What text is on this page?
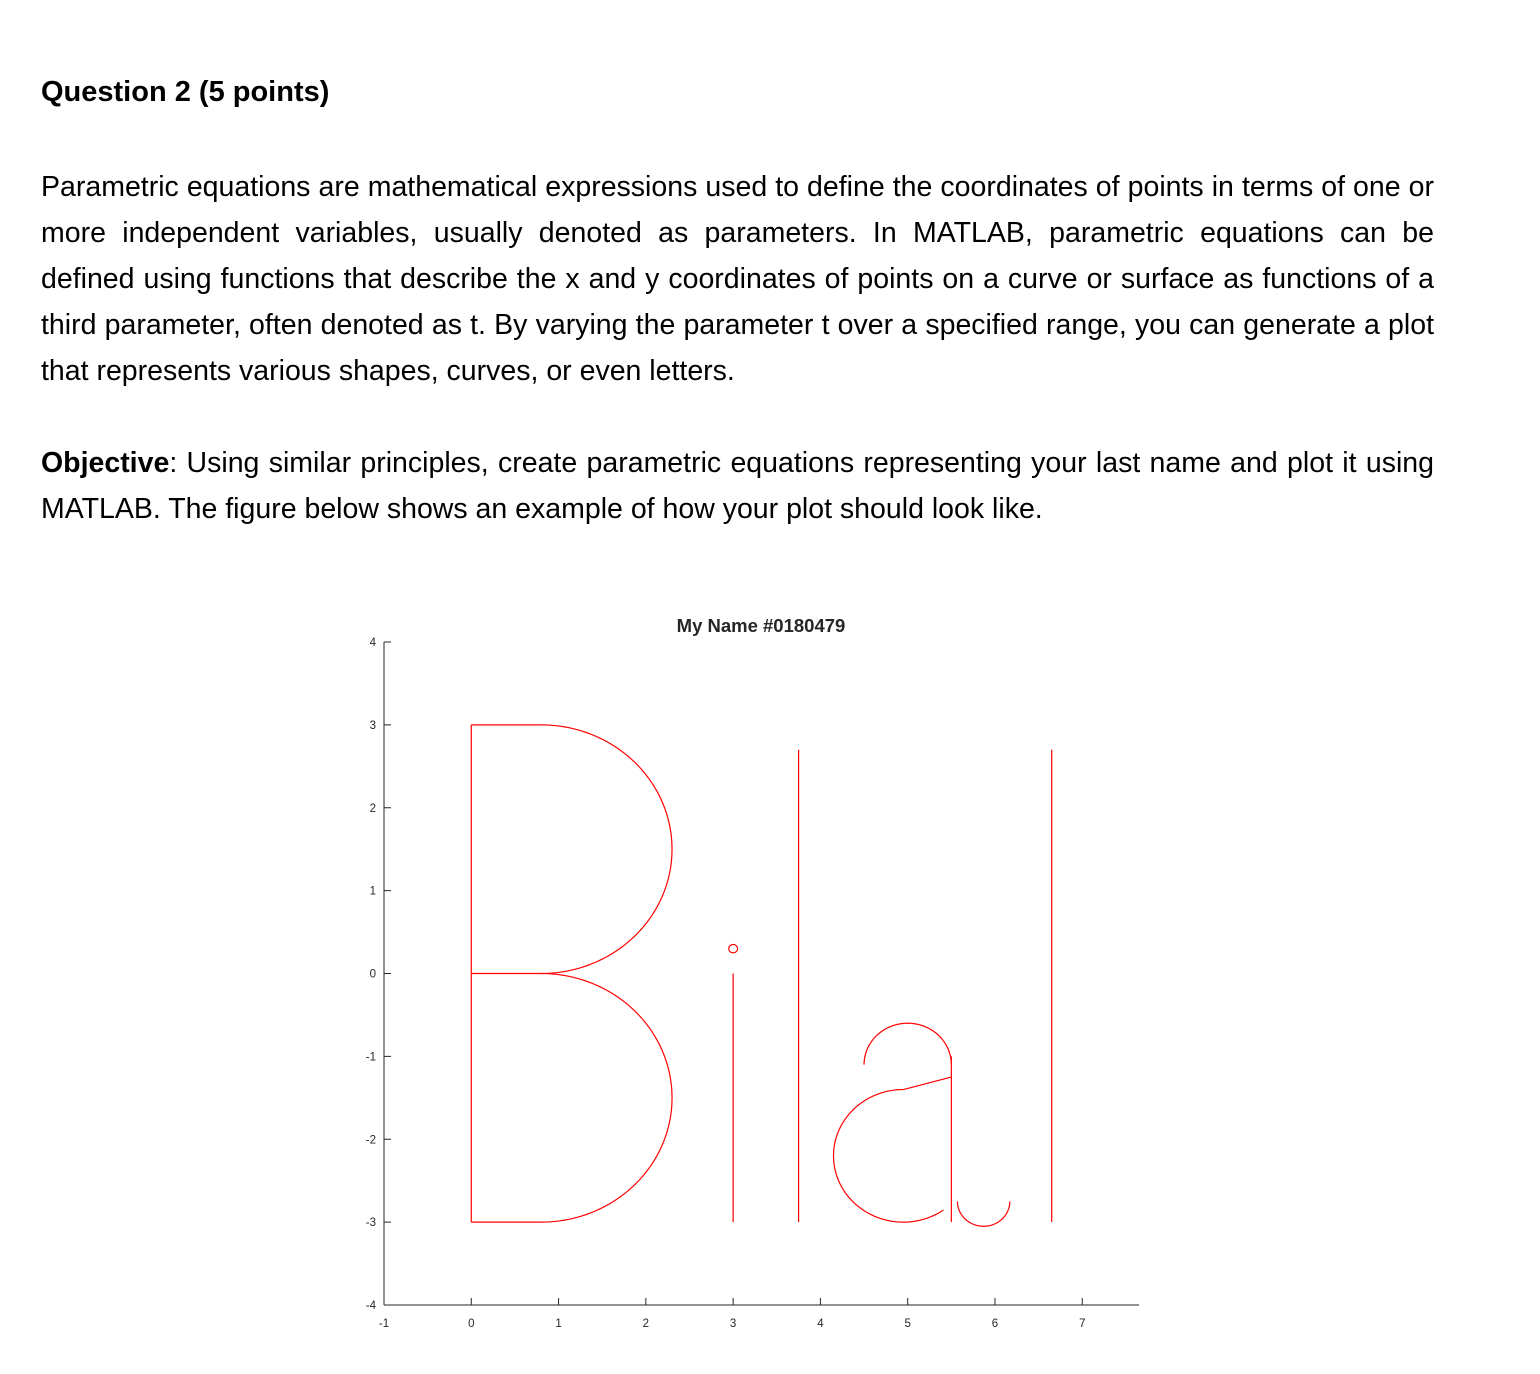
Question 2 (5 points)

Parametric equations are mathematical expressions used to define the coordinates of points in terms of one or more independent variables, usually denoted as parameters. In MATLAB, parametric equations can be defined using functions that describe the x and y coordinates of points on a curve or surface as functions of a third parameter, often denoted as t. By varying the parameter t over a specified range, you can generate a plot that represents various shapes, curves, or even letters.

Objective: Using similar principles, create parametric equations representing your last name and plot it using MATLAB. The figure below shows an example of how your plot should look like.

My Name #0180479
-4
-3
-2
-1
0
1
2
3
4
-1	0	1	2	3	4	5	6	7
